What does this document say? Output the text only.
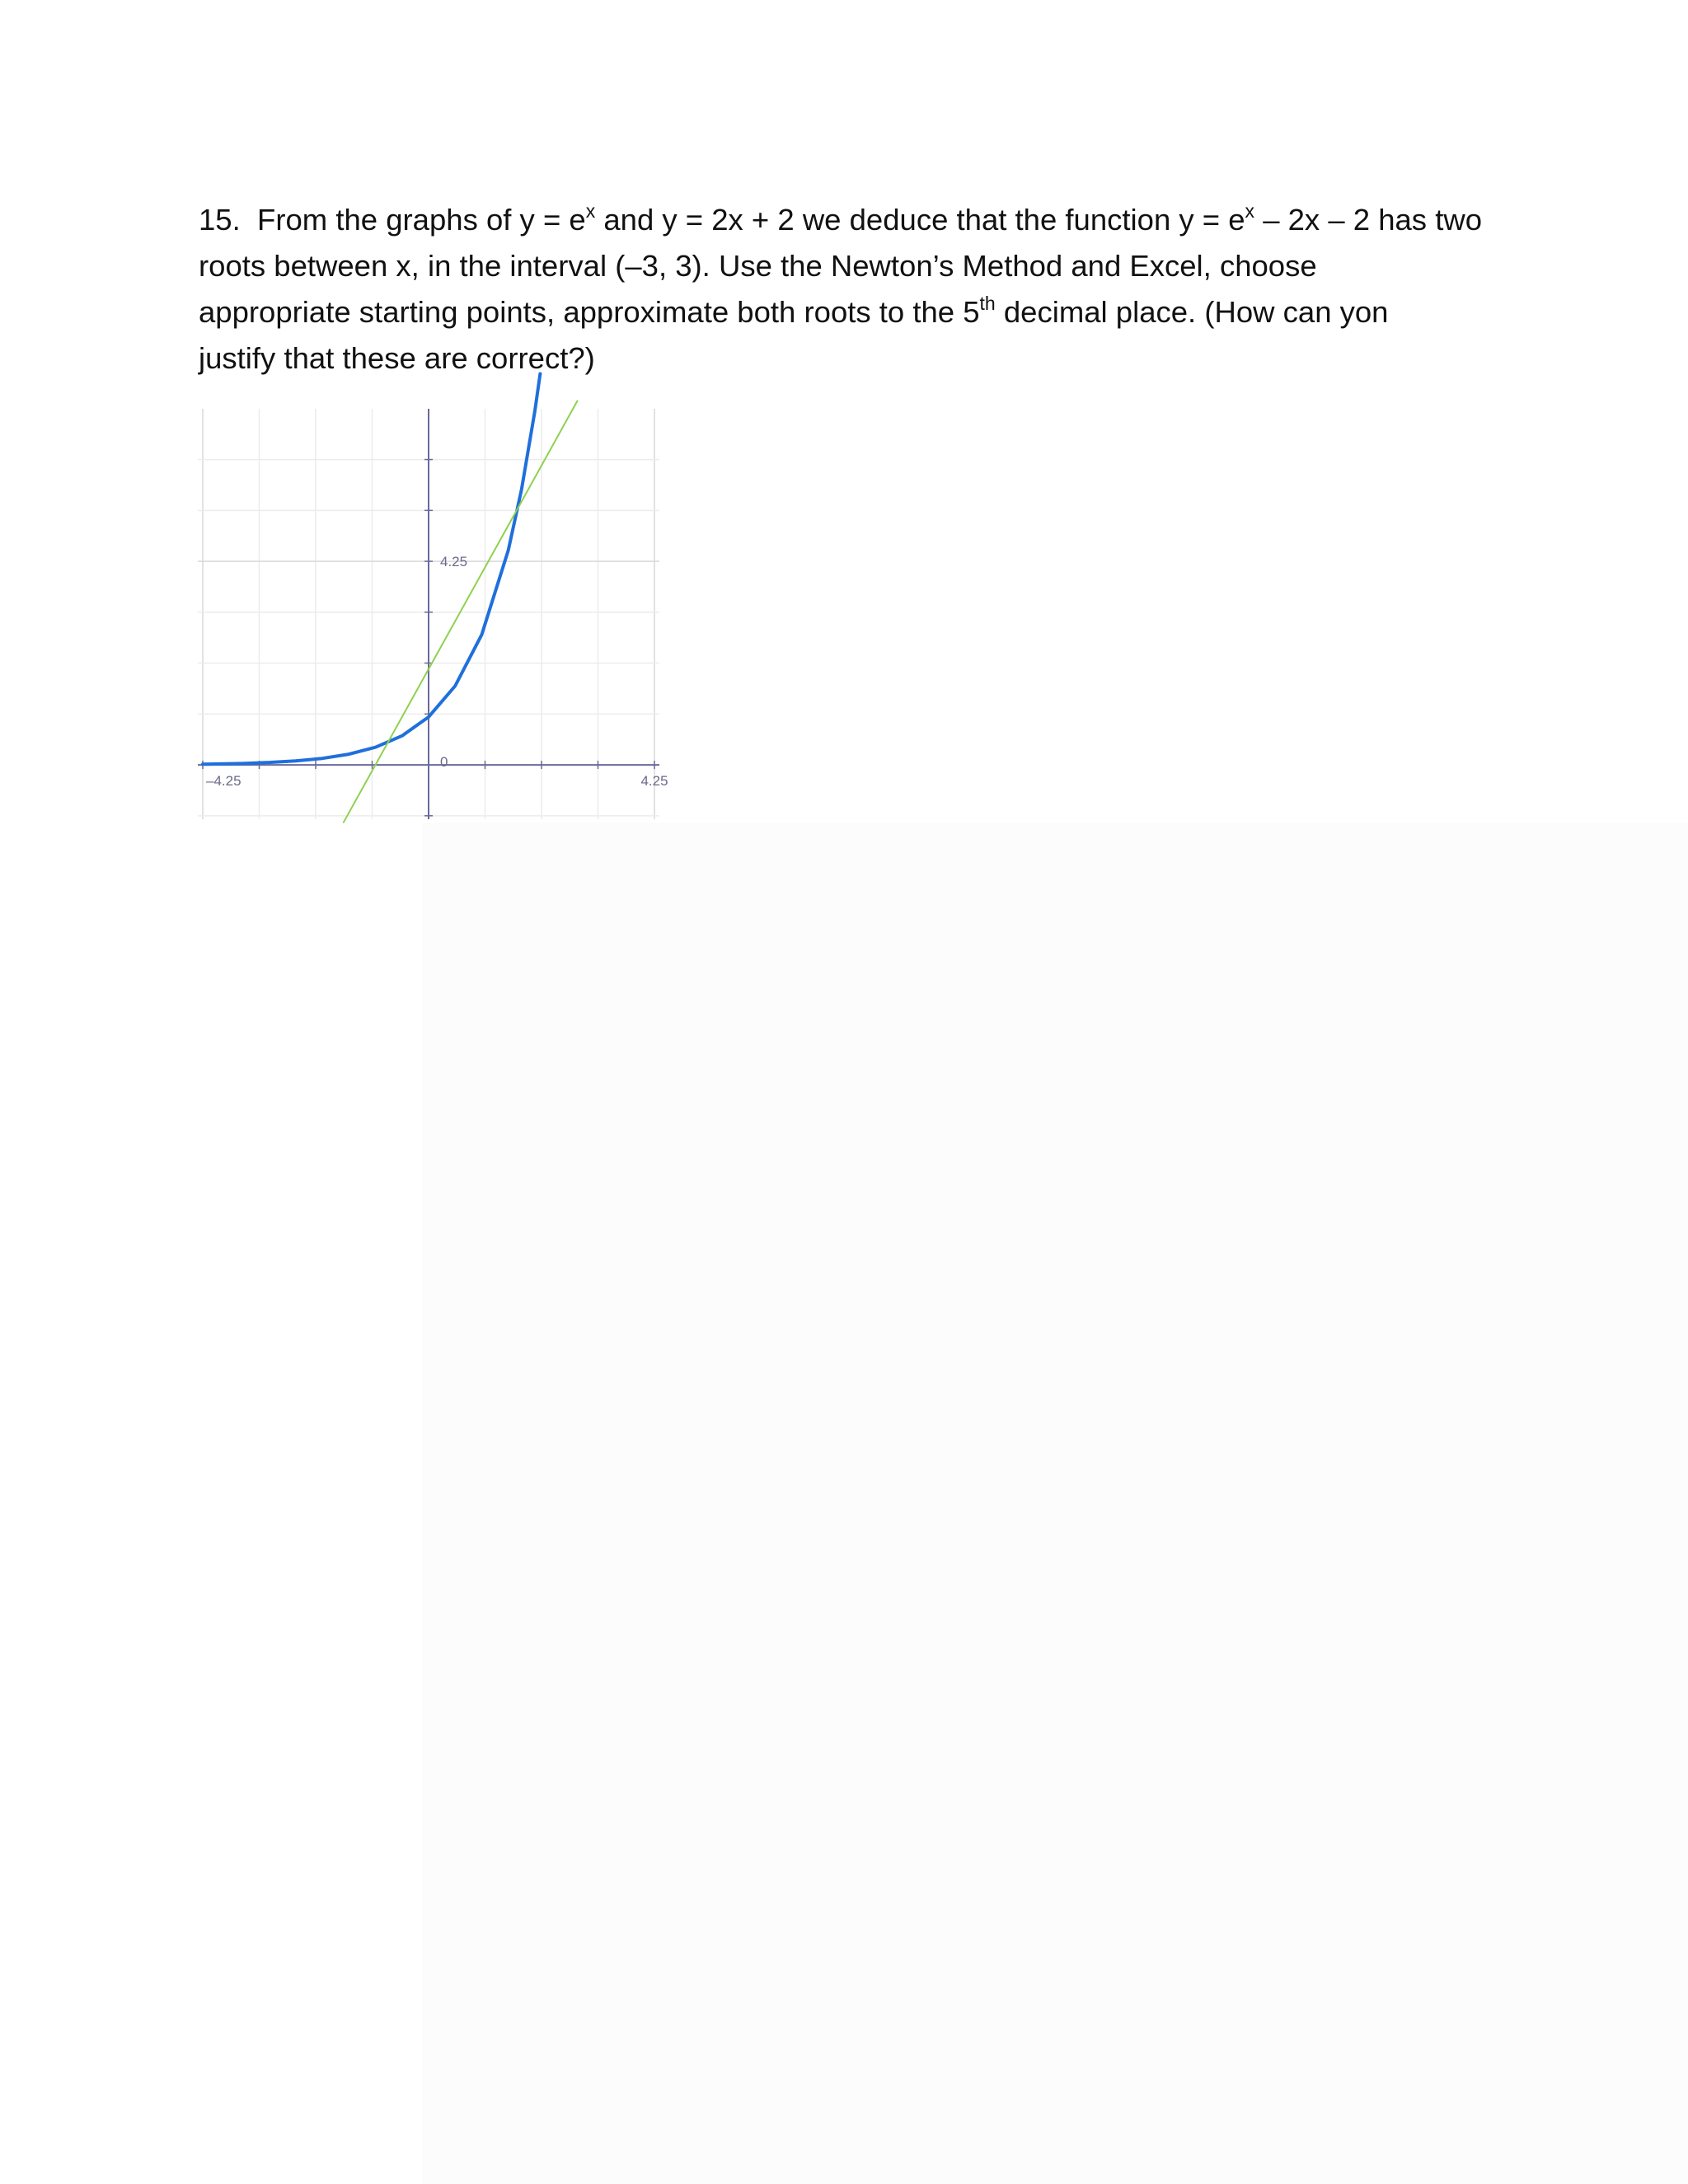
15. From the graphs of $y = e^x$ and y = 2x + 2 we deduce that the function $y = e^x - 2x - 2$ has two
roots between x, in the interval (–3, 3). Use the Newton’s Method and Excel, choose
appropriate starting points, approximate both roots to the 5th decimal place. (How can yon
justify that these are correct?)
–4.25	4.25
0
4.25
